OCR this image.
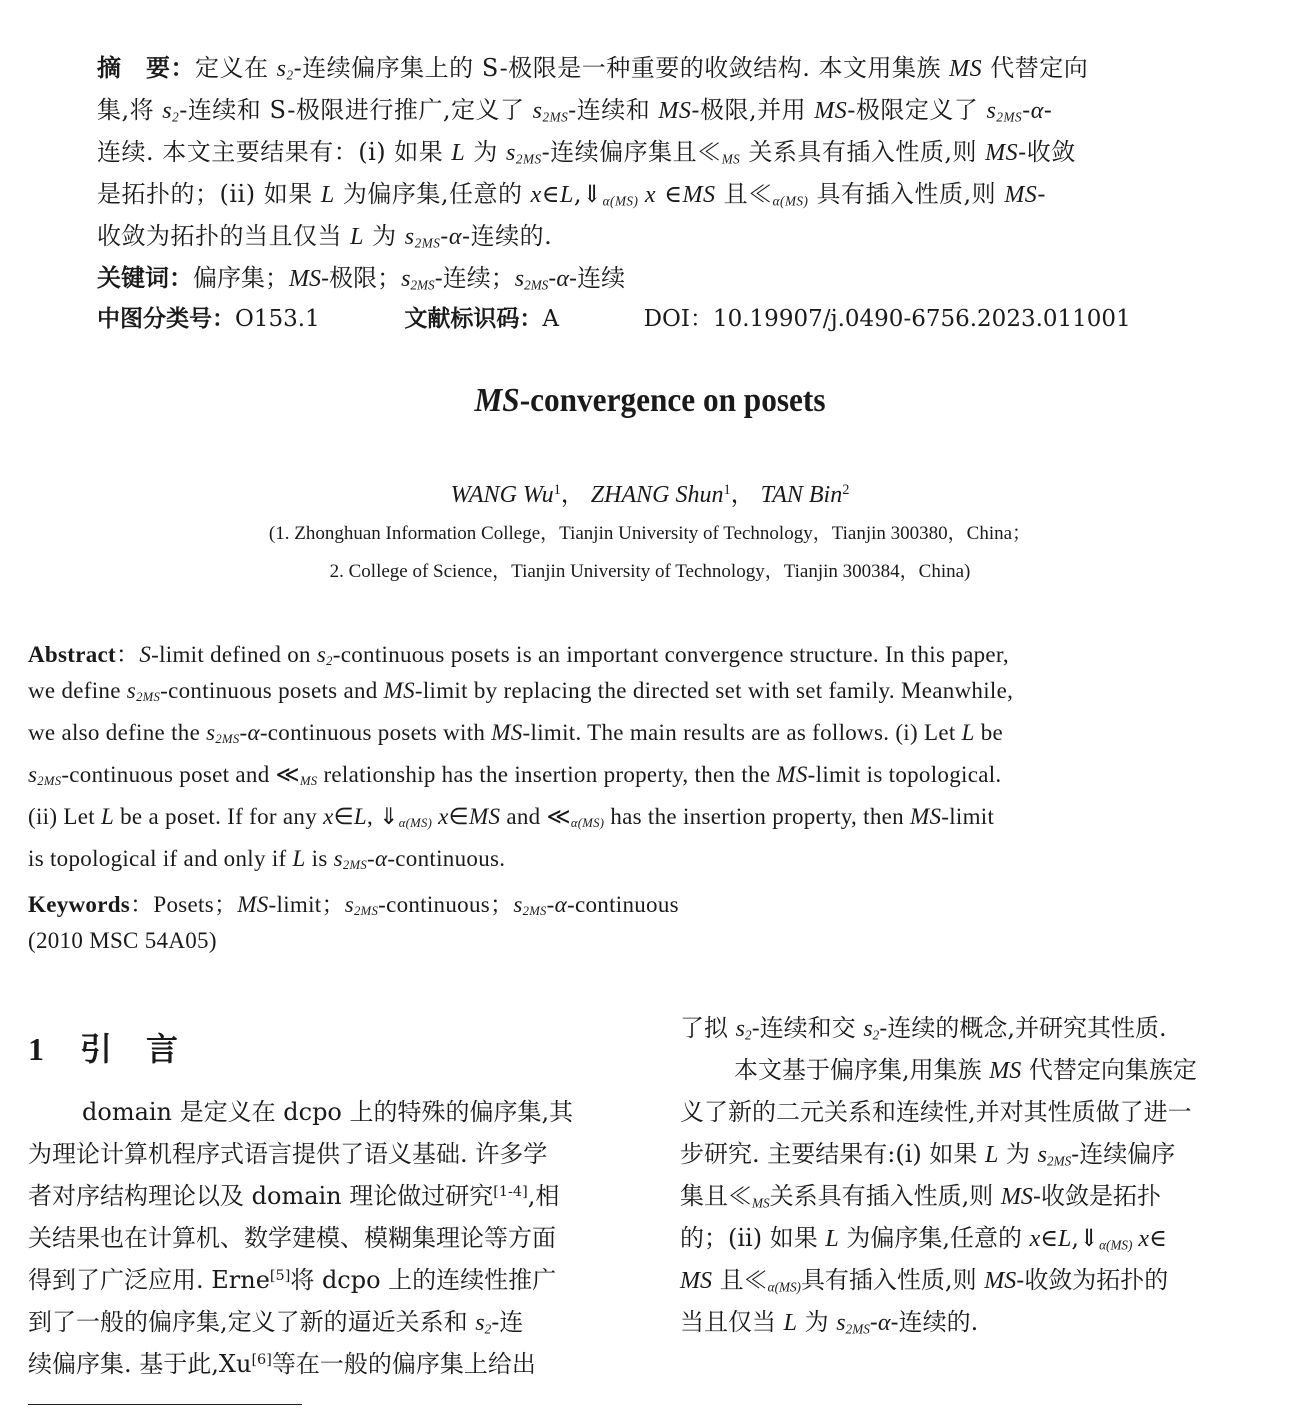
摘　要：定义在 $s_2-$连续偏序集上的 S-极限是一种重要的收敛结构. 本文用集族 MS 代替定向
集,将 $s_2-$连续和 S-极限进行推广,定义了 $s_{2MS}-$连续和 MS-极限,并用 MS-极限定义了 $s_{2MS}-\alpha-$
连续. 本文主要结果有：(i) 如果 L 为 $s_{2MS}-$连续偏序集且$≪_{MS}$ 关系具有插入性质,则 MS-收敛
是拓扑的；(ii) 如果 L 为偏序集,任意的 $x\in L,⇓_{\alpha(MS)}$ x ∈MS 且$≪_{\alpha(MS)}$ 具有插入性质,则 MS-
收敛为拓扑的当且仅当 L 为 $s_{2MS}-\alpha-$连续的.
关键词：偏序集；MS-极限；$s_{2MS}-$连续；$s_{2MS}-\alpha-$连续
中图分类号：O153.1	文献标识码：A	DOI：10.19907/j.0490-6756.2023.011001
MS-convergence on posets
WANG Wu$^1$， ZHANG Shun$^1$， TAN Bin$^2$
(1. Zhonghuan Information College，Tianjin University of Technology，Tianjin 300380，China；
2. College of Science，Tianjin University of Technology，Tianjin 300384，China)
Abstract：S-limit defined on $s_2$-continuous posets is an important convergence structure. In this paper,
we define $s_{2MS}$-continuous posets and MS-limit by replacing the directed set with set family. Meanwhile,
we also define the $s_{2MS}-\alpha$-continuous posets with MS-limit. The main results are as follows. (i) Let L be
$s_{2MS}$-continuous poset and $≪_{MS}$ relationship has the insertion property, then the MS-limit is topological.
(ii) Let L be a poset. If for any x∈L, $⇓_{\alpha(MS)}$ x∈MS and $≪_{\alpha(MS)}$ has the insertion property, then MS-limit
is topological if and only if L is $s_{2MS}-\alpha$-continuous.
Keywords：Posets；MS-limit；$s_{2MS}$-continuous；$s_{2MS}-\alpha$-continuous
(2010 MSC 54A05)
1 引言
domain 是定义在 dcpo 上的特殊的偏序集,其
为理论计算机程序式语言提供了语义基础. 许多学
者对序结构理论以及 domain 理论做过研究[1-4],相
关结果也在计算机、数学建模、模糊集理论等方面
得到了广泛应用. Erne[5]将 dcpo 上的连续性推广
到了一般的偏序集,定义了新的逼近关系和 $s_2-$连
续偏序集. 基于此,Xu[6]等在一般的偏序集上给出
了拟 $s_2-$连续和交 $s_2-$连续的概念,并研究其性质.
本文基于偏序集,用集族 MS 代替定向集族定
义了新的二元关系和连续性,并对其性质做了进一
步研究. 主要结果有:(i) 如果 L 为 $s_{2MS}-$连续偏序
集且$≪_{MS}$关系具有插入性质,则 MS-收敛是拓扑
的；(ii) 如果 L 为偏序集,任意的 $x\in L,⇓_{\alpha(MS)}$ x∈
MS 且$≪_{\alpha(MS)}$具有插入性质,则 MS-收敛为拓扑的
当且仅当 L 为 $s_{2MS}-\alpha-$连续的.
